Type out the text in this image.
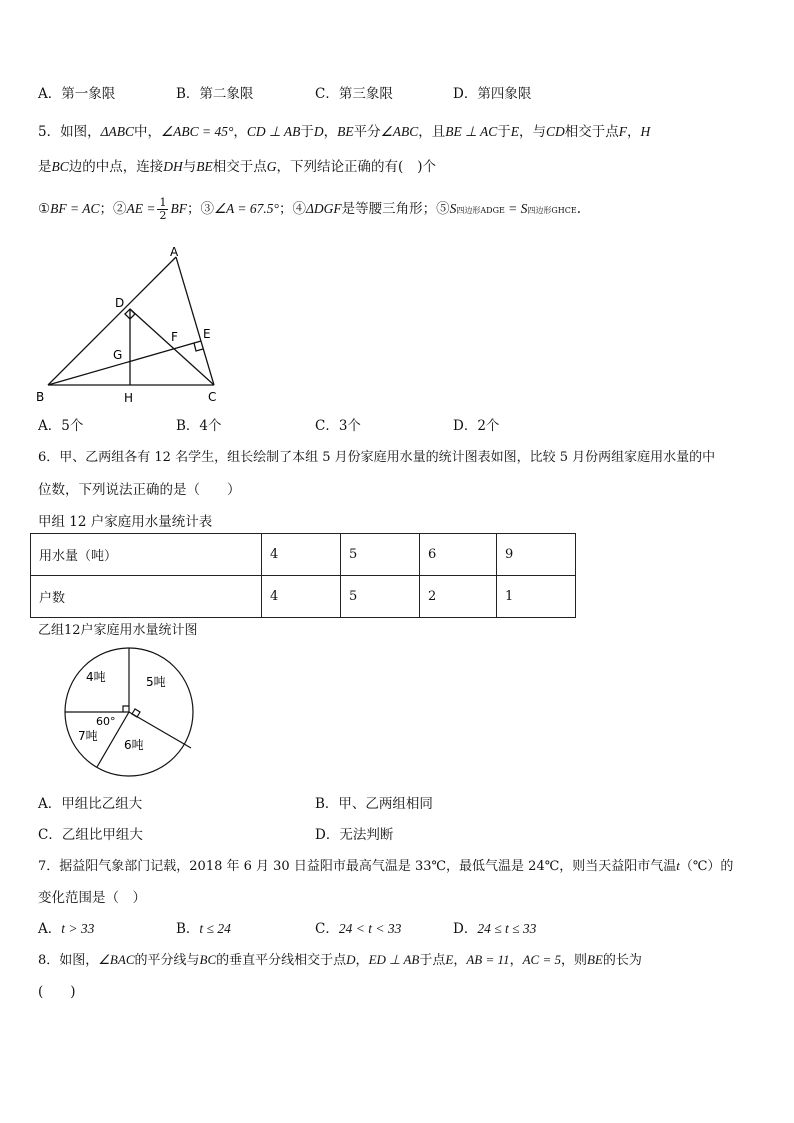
A．第一象限	B．第二象限	C．第三象限	D．第四象限
5．如图，ΔABC中，∠ABC = 45°，CD ⊥ AB于D，BE平分∠ABC，且BE ⊥ AC于E，与CD相交于点F，H
是BC边的中点，连接DH与BE相交于点G，下列结论正确的有( )个
①BF = AC；②AE = $\frac{1}{2}$ BF；③∠A = 67.5°；④ΔDGF是等腰三角形；⑤S四边形ADGE = S四边形GHCE.
A
D
E
F
G
B	H	C
A．5个	B．4个	C．3个	D．2个
6．甲、乙两组各有 12 名学生，组长绘制了本组 5 月份家庭用水量的统计图表如图，比较 5 月份两组家庭用水量的中
位数，下列说法正确的是（　　）
甲组 12 户家庭用水量统计表
用水量（吨）	4	5	6	9
户数	4	5	2	1
乙组12户家庭用水量统计图
4吨	5吨
60°
7吨
6吨
A．甲组比乙组大	B．甲、乙两组相同
C．乙组比甲组大	D．无法判断
7．据益阳气象部门记载，2018 年 6 月 30 日益阳市最高气温是 33℃，最低气温是 24℃，则当天益阳市气温t（℃）的
变化范围是（　）
A．t > 33	B．t ≤ 24	C．24 < t < 33	D．24 ≤ t ≤ 33
8．如图，∠BAC的平分线与BC的垂直平分线相交于点D，ED ⊥ AB于点E，AB = 11，AC = 5，则BE的长为
(　　)
